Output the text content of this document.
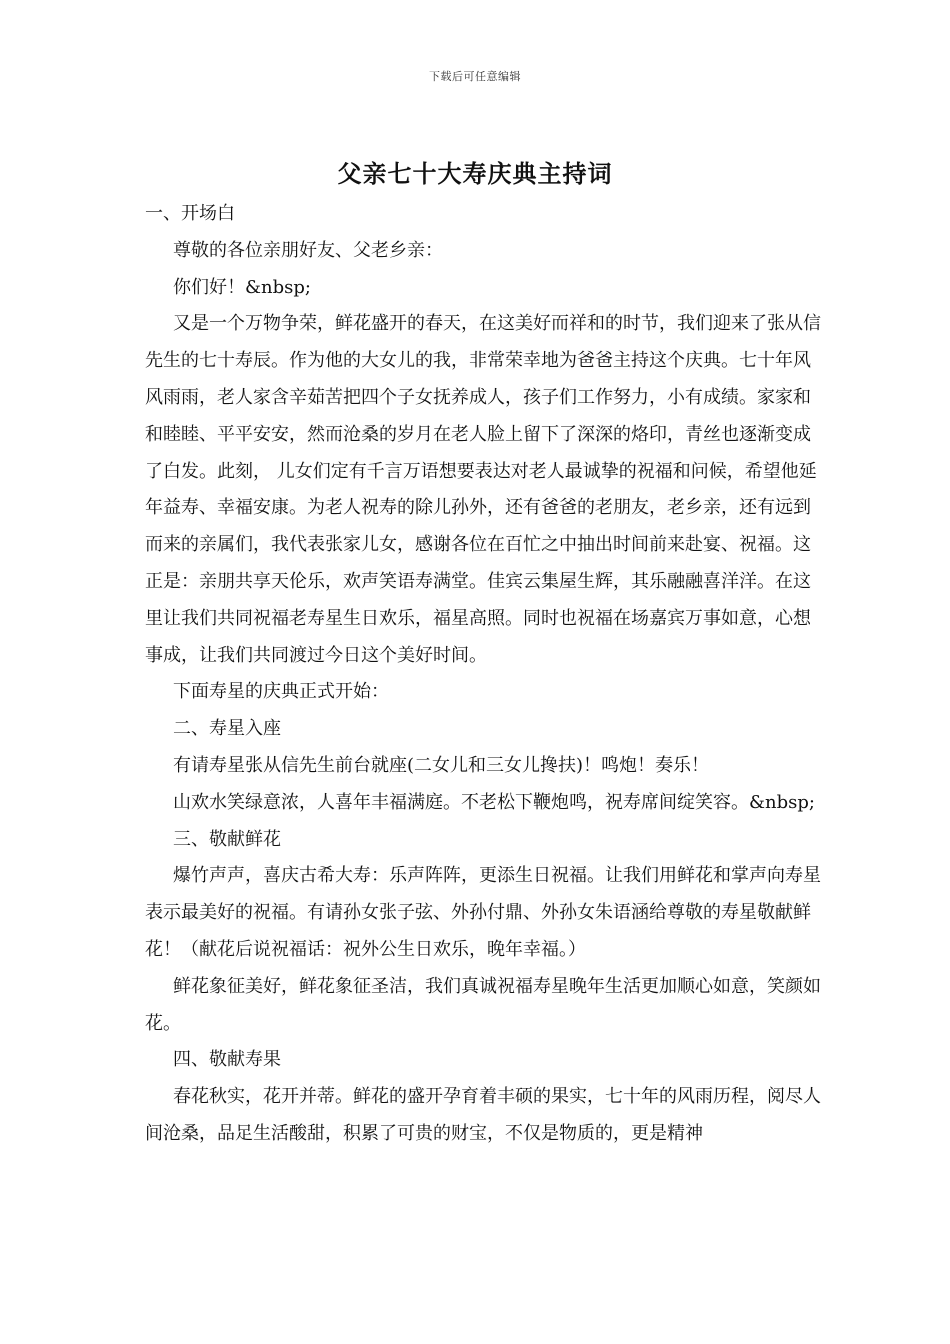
下载后可任意编辑
父亲七十大寿庆典主持词

一、开场白

尊敬的各位亲朋好友、父老乡亲：

你们好！&nbsp;

又是一个万物争荣，鲜花盛开的春天，在这美好而祥和的时节，我们迎来了张从信先生的七十寿辰。作为他的大女儿的我，非常荣幸地为爸爸主持这个庆典。七十年风风雨雨，老人家含辛茹苦把四个子女抚养成人，孩子们工作努力，小有成绩。家家和和睦睦、平平安安，然而沧桑的岁月在老人脸上留下了深深的烙印，青丝也逐渐变成了白发。此刻， 儿女们定有千言万语想要表达对老人最诚挚的祝福和问候，希望他延年益寿、幸福安康。为老人祝寿的除儿孙外，还有爸爸的老朋友，老乡亲，还有远到而来的亲属们，我代表张家儿女，感谢各位在百忙之中抽出时间前来赴宴、祝福。这正是：亲朋共享天伦乐，欢声笑语寿满堂。佳宾云集屋生辉，其乐融融喜洋洋。在这里让我们共同祝福老寿星生日欢乐，福星高照。同时也祝福在场嘉宾万事如意，心想事成，让我们共同渡过今日这个美好时间。

下面寿星的庆典正式开始：

二、寿星入座

有请寿星张从信先生前台就座(二女儿和三女儿搀扶)！鸣炮！奏乐！

山欢水笑绿意浓，人喜年丰福满庭。不老松下鞭炮鸣，祝寿席间绽笑容。&nbsp;

三、敬献鲜花

爆竹声声，喜庆古希大寿：乐声阵阵，更添生日祝福。让我们用鲜花和掌声向寿星表示最美好的祝福。有请孙女张子弦、外孙付鼎、外孙女朱语涵给尊敬的寿星敬献鲜花！（献花后说祝福话：祝外公生日欢乐，晚年幸福。）

鲜花象征美好，鲜花象征圣洁，我们真诚祝福寿星晚年生活更加顺心如意，笑颜如花。

四、敬献寿果

春花秋实，花开并蒂。鲜花的盛开孕育着丰硕的果实，七十年的风雨历程，阅尽人间沧桑，品足生活酸甜，积累了可贵的财宝，不仅是物质的，更是精神
